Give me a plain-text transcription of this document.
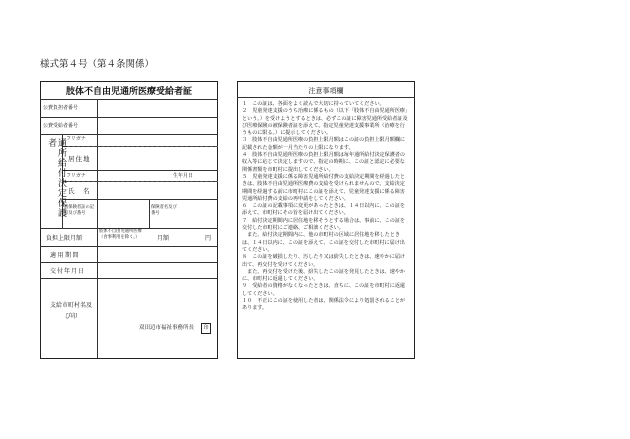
様式第４号（第４条関係）
肢体不自由児通所医療受給者証
公費負担者番号
公費受給者番号
通所給付決定保護者	フリガナ
居住地
フリガナ	生年月日
氏　名
被保険者証の記号及び番号
保険者名及び番号
負担上限月額
肢体不自由児通所医療（食事利用を除く。）	月額	円
適用期間
交付年月日
支給市町村名及び印
双田辺市福祉事務所長	印
注意事項欄

１　この証は、各面をよく読んで大切に持っていてください。

２　児童発達支援のうち治療に係るもの（以下「肢体不自由児通所医療」という。）を受けようとするときは、必ずこの証に障害児通所受給者証及び医療保険の被保険者証を添えて、指定児童発達支援事業所（治療を行うものに限る。）に提示してください。

３　肢体不自由児通所医療の負担上限月額はこの証の負担上限月額欄に記載された金額が一月当たりの上限になります。

４　肢体不自由児通所医療の負担上限月額は毎年通所給付決定保護者の収入等に応じて決定しますので、指定の時期に、この証と認定に必要な関係書類を市町村に提出してください。

５　児童発達支援に係る障害児通所給付費の支給決定期間を経過したときは、肢体不自由児通所医療費の支給を受けられませんので、支給決定期間を経過する前に市町村にこの証を添えて、児童発達支援に係る障害児通所給付費の支給の再申請をしてください。

６　この証の記載事項に変更があったときは、１４日以内に、この証を添えて、市町村にその旨を届け出てください。

７　給付決定期間内に居住地を移そうとする場合は、事前に、この証を交付した市町村にご連絡、ご相談ください。

　また、給付決定期間内に、他の市町村の区域に居住地を移したときは、１４日以内に、この証を添えて、この証を交付した市町村に届け出てください。

８　この証を破損したり、汚したり又は紛失したときは、速やかに届け出て、再交付を受けてください。

　また、再交付を受けた後、紛失したこの証を発見したときは、速やかに、市町村に返還してください。

９　受給者の資格がなくなったときは、直ちに、この証を市町村に返還してください。

１０　不正にこの証を使用した者は、関係法令により処罰されることがあります。
